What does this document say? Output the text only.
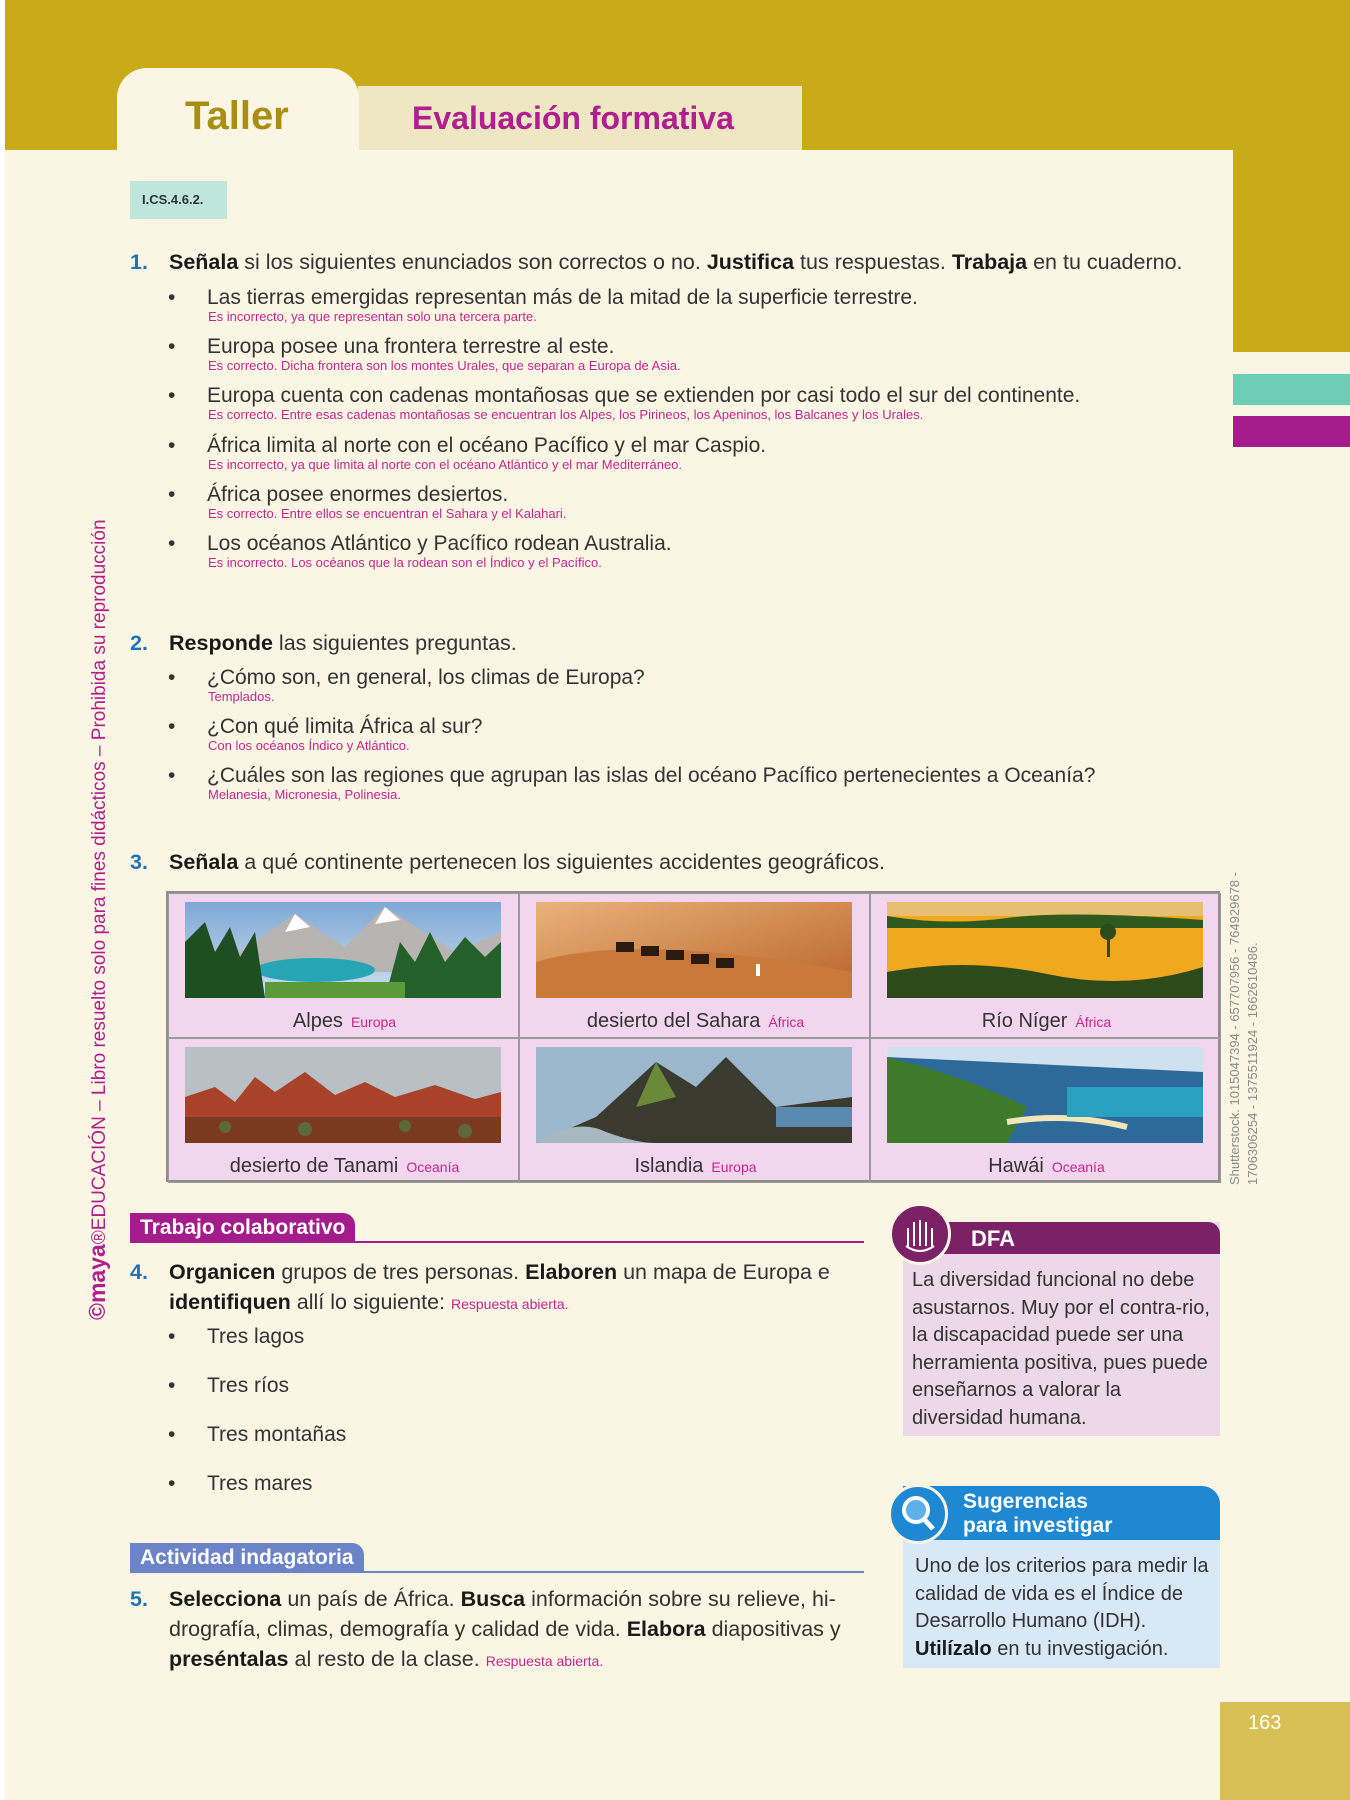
Evaluación formativa
Taller
©maya®EDUCACIÓN – Libro resuelto solo para fines didácticos – Prohibida su reproducción	Shutterstock. 1015047394 - 657707956 - 764929678 - 1706306254 - 1375511924 - 1662610486.
I.CS.4.6.2.
1. Señala si los siguientes enunciados son correctos o no. Justifica tus respuestas. Trabaja en tu cuaderno.
• Las tierras emergidas representan más de la mitad de la superficie terrestre.
Es incorrecto, ya que representan solo una tercera parte.
• Europa posee una frontera terrestre al este.
Es correcto. Dicha frontera son los montes Urales, que separan a Europa de Asia.
• Europa cuenta con cadenas montañosas que se extienden por casi todo el sur del continente.
Es correcto. Entre esas cadenas montañosas se encuentran los Alpes, los Pirineos, los Apeninos, los Balcanes y los Urales.
• África limita al norte con el océano Pacífico y el mar Caspio.
Es incorrecto, ya que limita al norte con el océano Atlántico y el mar Mediterráneo.
• África posee enormes desiertos.
Es correcto. Entre ellos se encuentran el Sahara y el Kalahari.
• Los océanos Atlántico y Pacífico rodean Australia.
Es incorrecto. Los océanos que la rodean son el Índico y el Pacífico.
2. Responde las siguientes preguntas.
• ¿Cómo son, en general, los climas de Europa?
Templados.
• ¿Con qué limita África al sur?
Con los océanos Índico y Atlántico.
• ¿Cuáles son las regiones que agrupan las islas del océano Pacífico pertenecientes a Oceanía?
Melanesia, Micronesia, Polinesia.
3. Señala a qué continente pertenecen los siguientes accidentes geográficos.
Alpes Europa	desierto del Sahara África	Río Níger África
desierto de Tanami Oceanía	Islandia Europa	Hawái Oceanía
Trabajo colaborativo
4. Organicen grupos de tres personas. Elaboren un mapa de Europa e
identifiquen allí lo siguiente: Respuesta abierta.
• Tres lagos
• Tres ríos
• Tres montañas
• Tres mares
Actividad indagatoria
5. Selecciona un país de África. Busca información sobre su relieve, hi-
drografía, climas, demografía y calidad de vida. Elabora diapositivas y
preséntalas al resto de la clase. Respuesta abierta.
DFA
La diversidad funcional no debe asustarnos. Muy por el contra-rio, la discapacidad puede ser una herramienta positiva, pues puede enseñarnos a valorar la diversidad humana.
Sugerencias
para investigar
Uno de los criterios para medir la calidad de vida es el Índice de Desarrollo Humano (IDH). Utilízalo en tu investigación.
163
